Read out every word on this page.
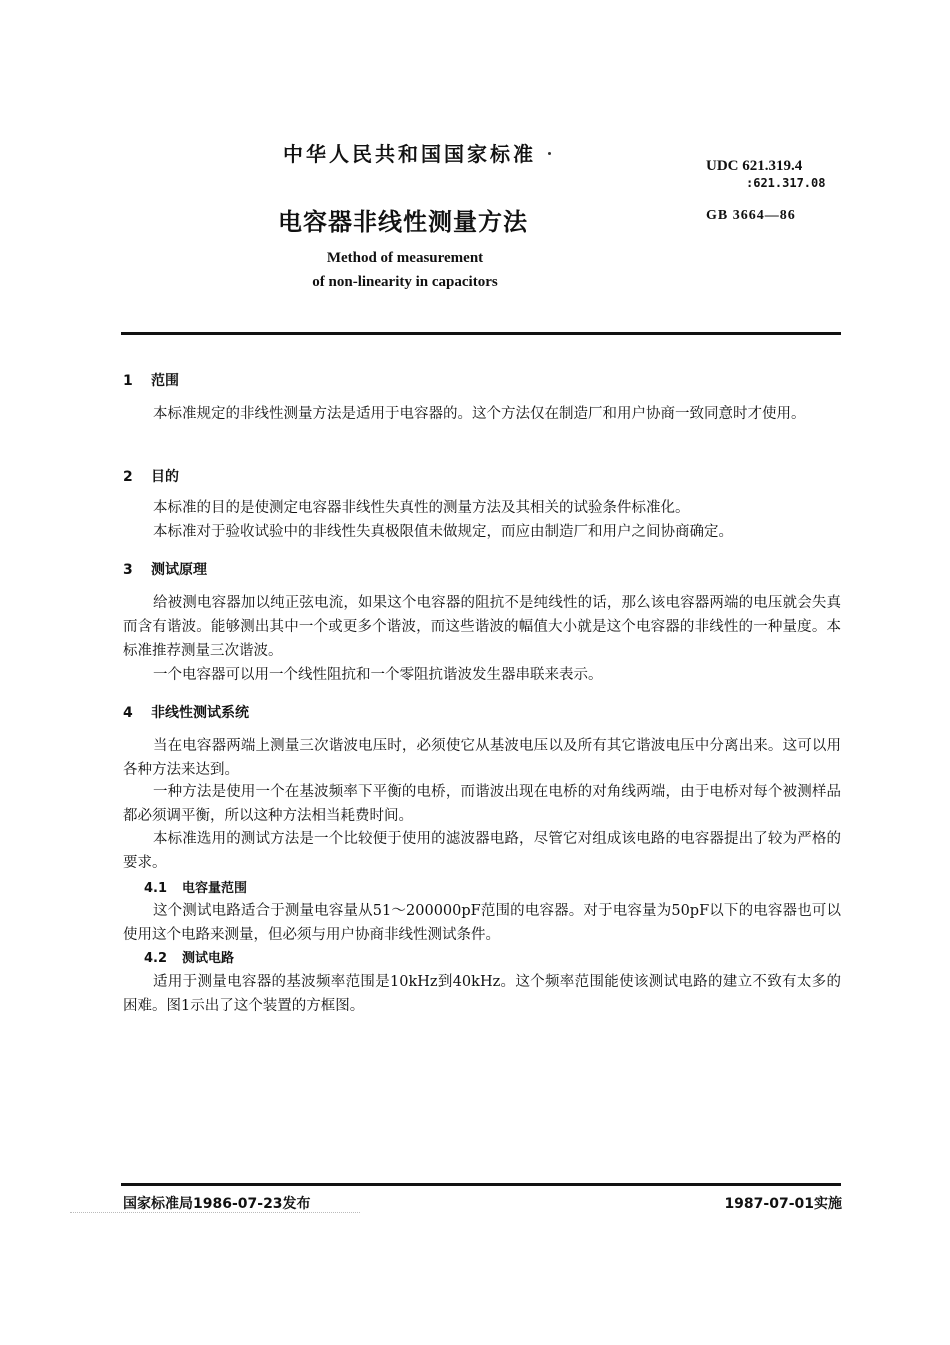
中华人民共和国国家标准	UDC 621.319.4
:621.317.08
电容器非线性测量方法	GB 3664—86
Method of measurement
of non-linearity in capacitors
1 范围

本标准规定的非线性测量方法是适用于电容器的。这个方法仅在制造厂和用户协商一致同意时才使用。

2 目的

本标准的目的是使测定电容器非线性失真性的测量方法及其相关的试验条件标准化。

本标准对于验收试验中的非线性失真极限值未做规定，而应由制造厂和用户之间协商确定。

3 测试原理

给被测电容器加以纯正弦电流，如果这个电容器的阻抗不是纯线性的话，那么该电容器两端的电压就会失真而含有谐波。能够测出其中一个或更多个谐波，而这些谐波的幅值大小就是这个电容器的非线性的一种量度。本标准推荐测量三次谐波。

一个电容器可以用一个线性阻抗和一个零阻抗谐波发生器串联来表示。

4 非线性测试系统

当在电容器两端上测量三次谐波电压时，必须使它从基波电压以及所有其它谐波电压中分离出来。这可以用各种方法来达到。

一种方法是使用一个在基波频率下平衡的电桥，而谐波出现在电桥的对角线两端，由于电桥对每个被测样品都必须调平衡，所以这种方法相当耗费时间。

本标准选用的测试方法是一个比较便于使用的滤波器电路，尽管它对组成该电路的电容器提出了较为严格的要求。

4.1 电容量范围

这个测试电路适合于测量电容量从51～200000pF范围的电容器。对于电容量为50pF以下的电容器也可以使用这个电路来测量，但必须与用户协商非线性测试条件。

4.2 测试电路

适用于测量电容器的基波频率范围是10kHz到40kHz。这个频率范围能使该测试电路的建立不致有太多的困难。图1示出了这个装置的方框图。

国家标准局1986-07-23发布	1987-07-01实施
